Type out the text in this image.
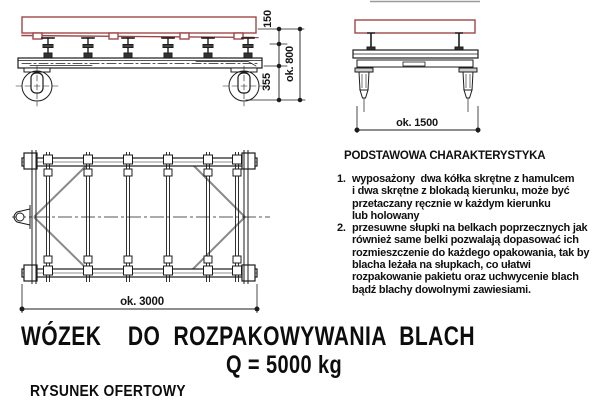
150
355
ok. 800
ok. 1500
ok. 3000
PODSTAWOWA CHARAKTERYSTYKA
1. wyposażony  dwa kółka skrętne z hamulcem
i dwa skrętne z blokadą kierunku, może być
przetaczany ręcznie w każdym kierunku
lub holowany
2. przesuwne słupki na belkach poprzecznych jak
również same belki pozwalają dopasować ich
rozmieszczenie do każdego opakowania, tak by
blacha leżała na słupkach, co ułatwi
rozpakowanie pakietu oraz uchwycenie blach
bądź blachy dowolnymi zawiesiami.
WÓZEK  DO ROZPAKOWYWANIA BLACH
Q = 5000 kg
RYSUNEK OFERTOWY
